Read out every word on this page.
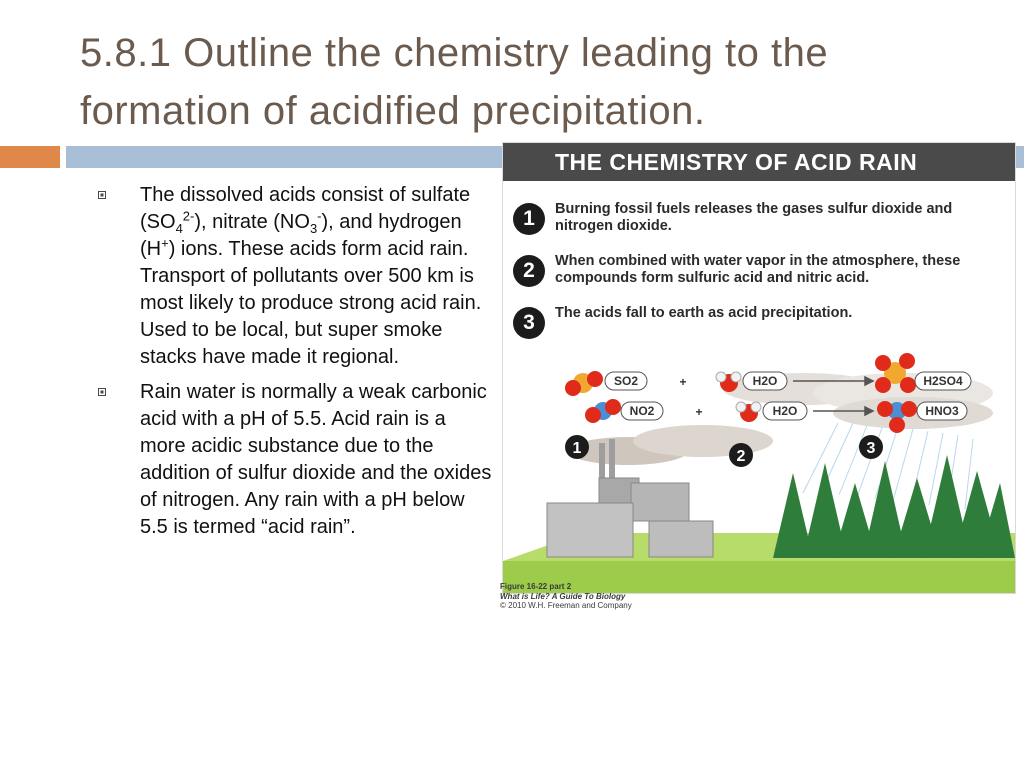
5.8.1 Outline the chemistry leading to the
formation of acidified precipitation.
The dissolved acids consist of sulfate $(SO_4^{2-})$, nitrate $(NO_3^-)$, and hydrogen (H+) ions. These acids form acid rain. Transport of pollutants over 500 km is most likely to produce strong acid rain. Used to be local, but super smoke stacks have made it regional.
Rain water is normally a weak carbonic acid with a pH of 5.5. Acid rain is a more acidic substance due to the addition of sulfur dioxide and the oxides of nitrogen. Any rain with a pH below 5.5 is termed “acid rain”.
THE CHEMISTRY OF ACID RAIN
1	Burning fossil fuels releases the gases sulfur dioxide and nitrogen dioxide.
2	When combined with water vapor in the atmosphere, these compounds form sulfuric acid and nitric acid.
3	The acids fall to earth as acid precipitation.
SO2	+	H2O	H2SO4
NO2	+	H2O	HNO3
1	2	3
Figure 16-22 part 2
What is Life? A Guide To Biology
© 2010 W.H. Freeman and Company
